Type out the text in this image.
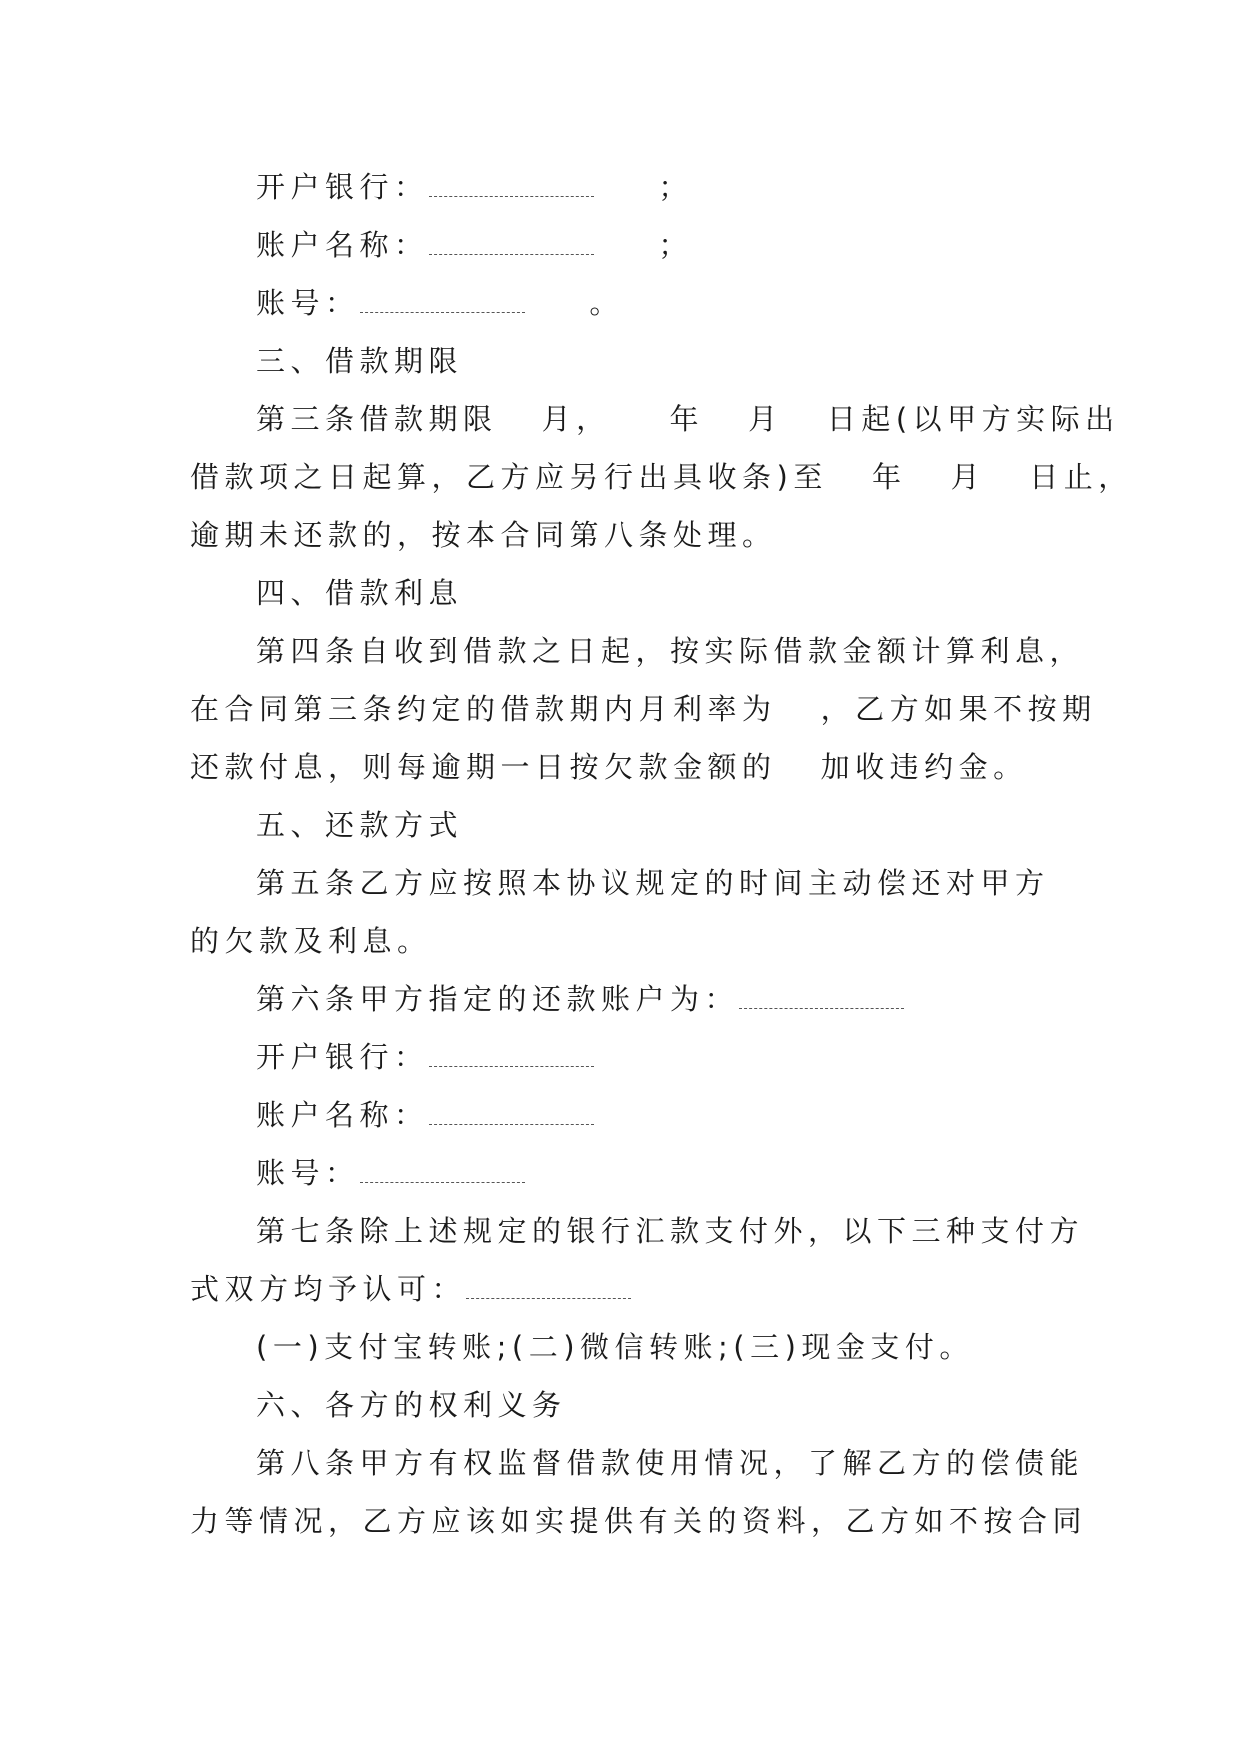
开户银行：	；
账户名称：	；
账号：	。
三、借款期限
第三条借款期限   月，    年   月   日起(以甲方实际出
借款项之日起算，乙方应另行出具收条)至   年   月   日止，
逾期未还款的，按本合同第八条处理。
四、借款利息
第四条自收到借款之日起，按实际借款金额计算利息，
在合同第三条约定的借款期内月利率为   ，乙方如果不按期
还款付息，则每逾期一日按欠款金额的   加收违约金。
五、还款方式
第五条乙方应按照本协议规定的时间主动偿还对甲方
的欠款及利息。
第六条甲方指定的还款账户为：
开户银行：
账户名称：
账号：
第七条除上述规定的银行汇款支付外，以下三种支付方
式双方均予认可：
(一)支付宝转账;(二)微信转账;(三)现金支付。
六、各方的权利义务
第八条甲方有权监督借款使用情况，了解乙方的偿债能
力等情况，乙方应该如实提供有关的资料，乙方如不按合同
